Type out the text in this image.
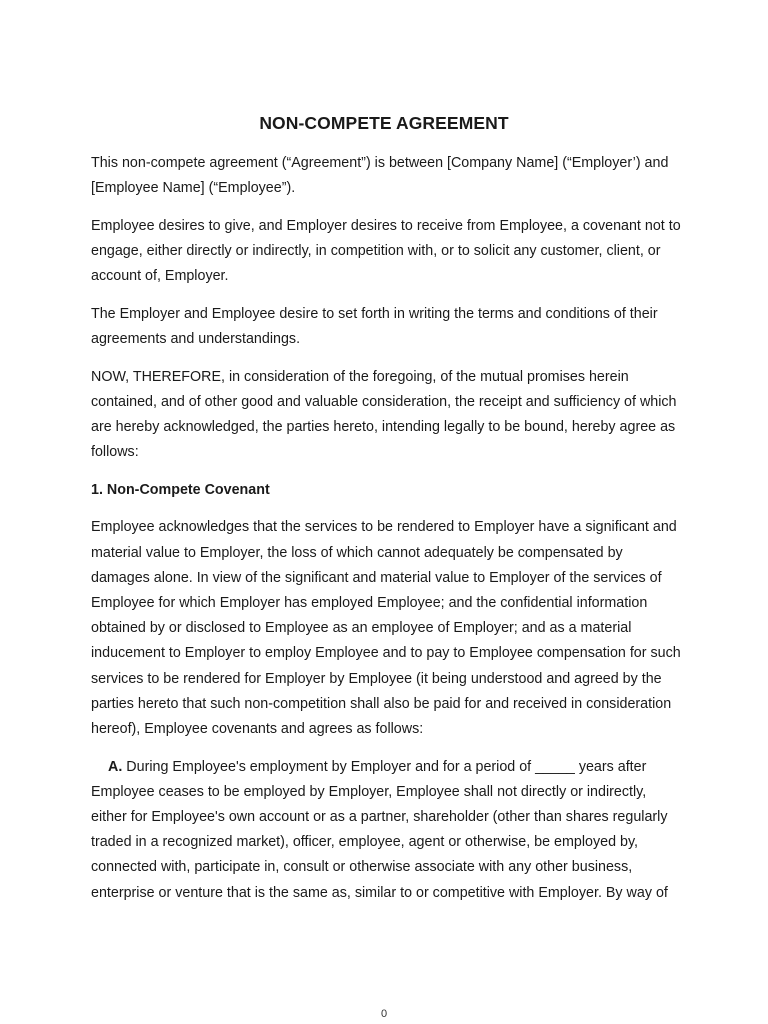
NON-COMPETE AGREEMENT

This non-compete agreement (“Agreement”) is between [Company Name] (“Employer’) and [Employee Name] (“Employee”).

Employee desires to give, and Employer desires to receive from Employee, a covenant not to engage, either directly or indirectly, in competition with, or to solicit any customer, client, or account of, Employer.

The Employer and Employee desire to set forth in writing the terms and conditions of their agreements and understandings.

NOW, THEREFORE, in consideration of the foregoing, of the mutual promises herein contained, and of other good and valuable consideration, the receipt and sufficiency of which are hereby acknowledged, the parties hereto, intending legally to be bound, hereby agree as follows:

1. Non-Compete Covenant

Employee acknowledges that the services to be rendered to Employer have a significant and material value to Employer, the loss of which cannot adequately be compensated by damages alone. In view of the significant and material value to Employer of the services of Employee for which Employer has employed Employee; and the confidential information obtained by or disclosed to Employee as an employee of Employer; and as a material inducement to Employer to employ Employee and to pay to Employee compensation for such services to be rendered for Employer by Employee (it being understood and agreed by the parties hereto that such non-competition shall also be paid for and received in consideration hereof), Employee covenants and agrees as follows:

A. During Employee's employment by Employer and for a period of _____ years after Employee ceases to be employed by Employer, Employee shall not directly or indirectly, either for Employee's own account or as a partner, shareholder (other than shares regularly traded in a recognized market), officer, employee, agent or otherwise, be employed by, connected with, participate in, consult or otherwise associate with any other business, enterprise or venture that is the same as, similar to or competitive with Employer. By way of

0
